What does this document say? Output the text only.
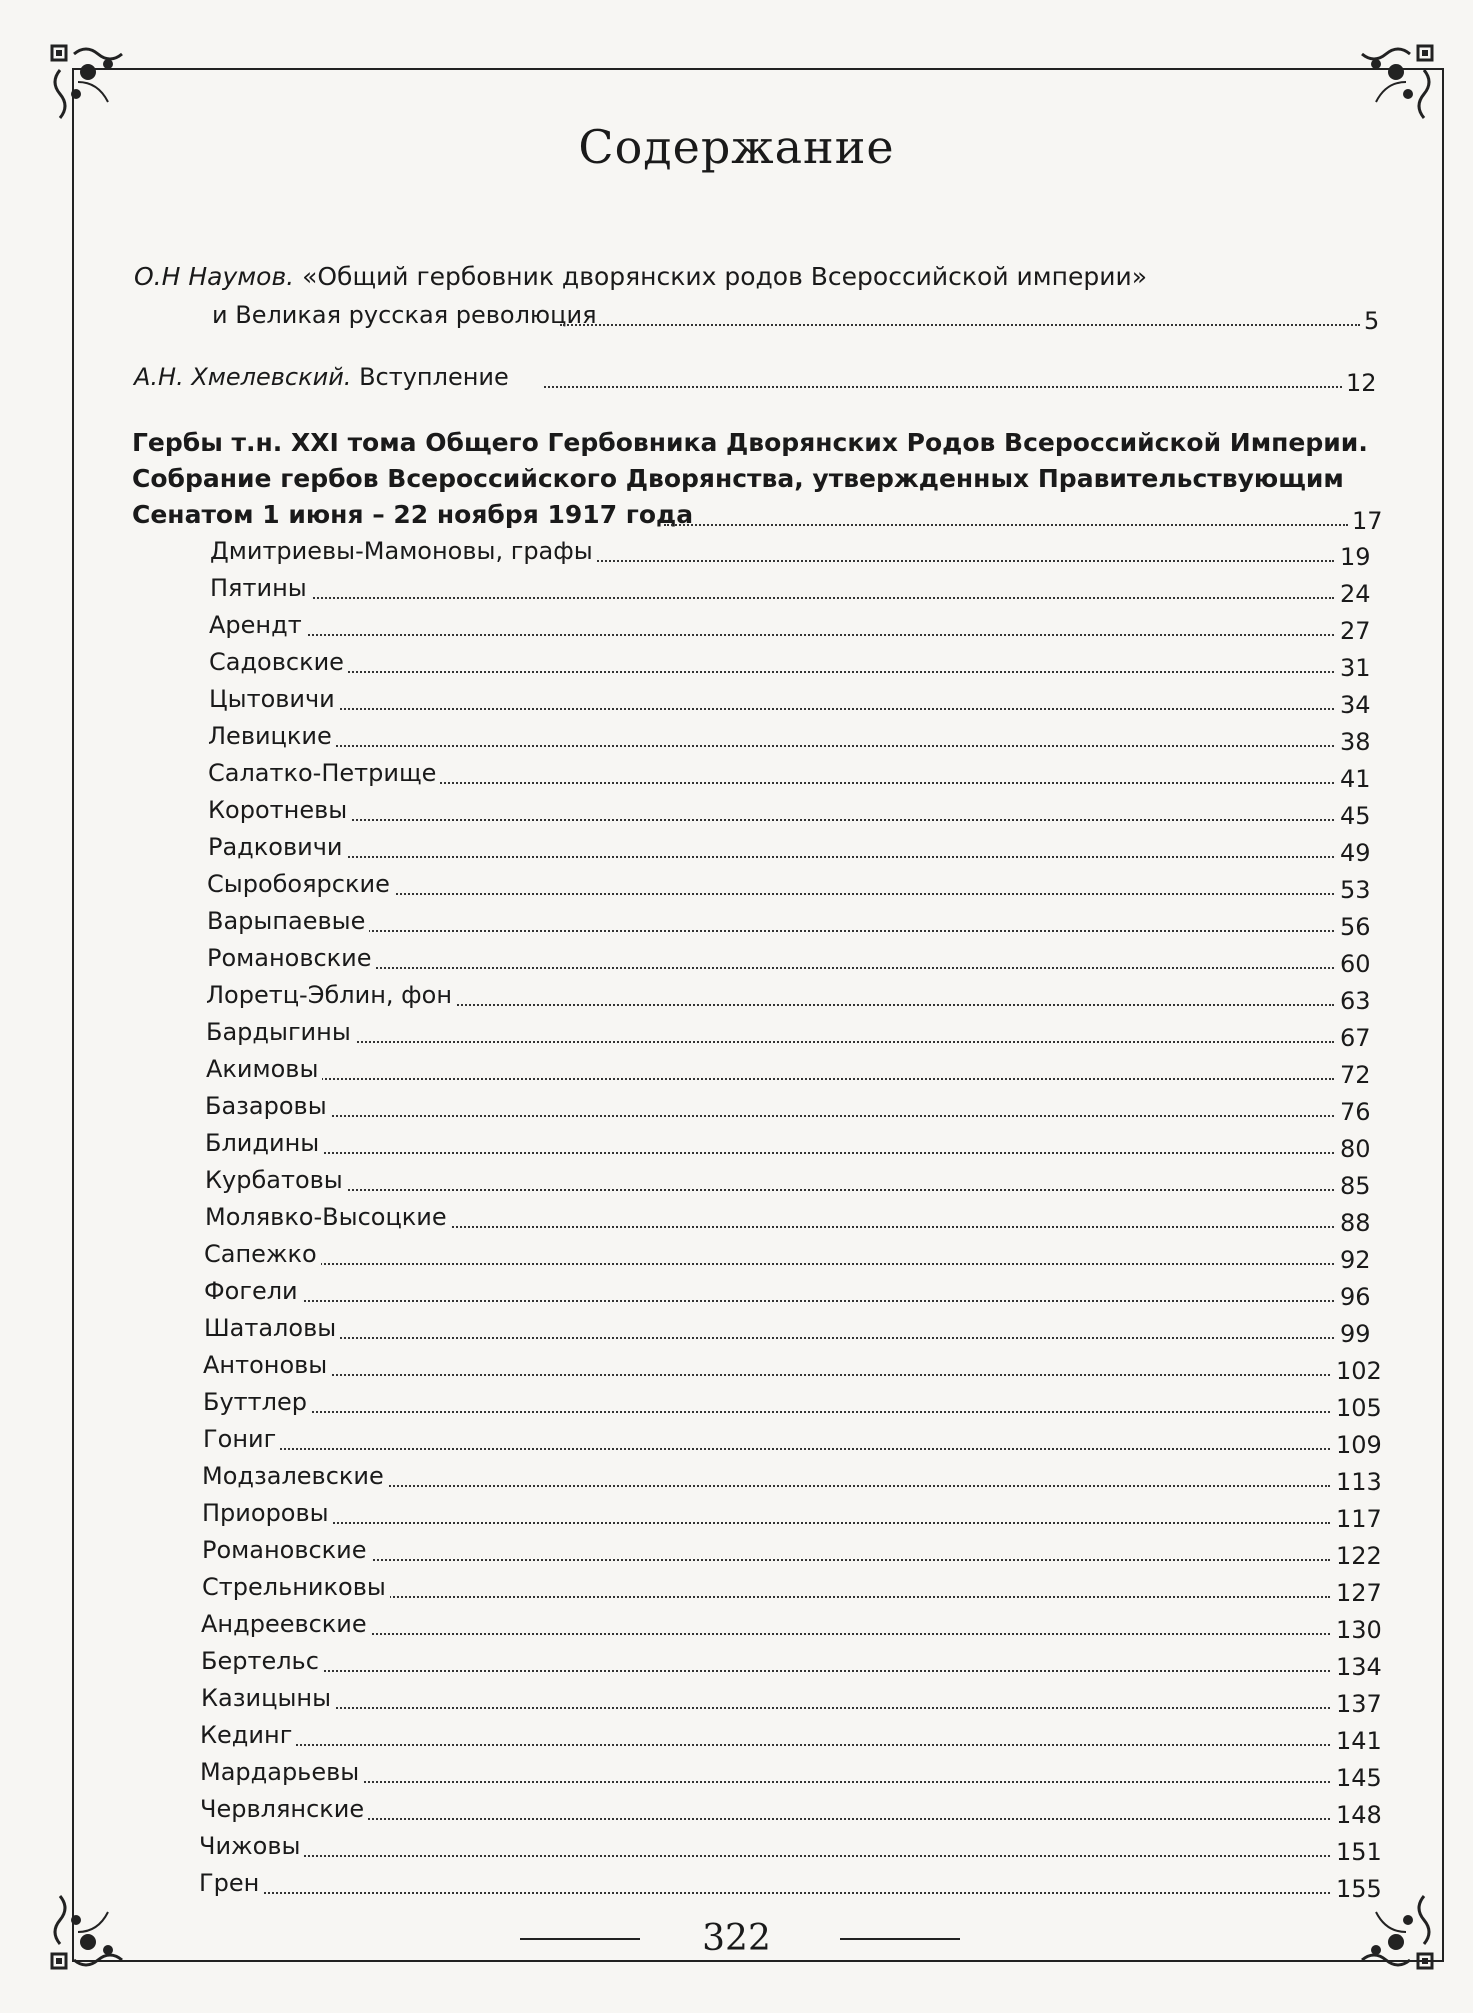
Содержание
О.Н Наумов. «Общий гербовник дворянских родов Всероссийской империи»
и Великая русская революция	5
А.Н. Хмелевский. Вступление	12
Гербы т.н. XXI тома Общего Гербовника Дворянских Родов Всероссийской Империи.
Собрание гербов Всероссийского Дворянства, утвержденных Правительствующим
Сенатом 1 июня – 22 ноября 1917 года	17
Дмитриевы-Мамоновы, графы	19
Пятины	24
Арендт	27
Садовские	31
Цытовичи	34
Левицкие	38
Салатко-Петрище	41
Коротневы	45
Радковичи	49
Сыробоярские	53
Варыпаевые	56
Романовские	60
Лоретц-Эблин, фон	63
Бардыгины	67
Акимовы	72
Базаровы	76
Блидины	80
Курбатовы	85
Молявко-Высоцкие	88
Сапежко	92
Фогели	96
Шаталовы	99
Антоновы	102
Буттлер	105
Гониг	109
Модзалевские	113
Приоровы	117
Романовские	122
Стрельниковы	127
Андреевские	130
Бертельс	134
Казицыны	137
Кединг	141
Мардарьевы	145
Червлянские	148
Чижовы	151
Грен	155
322
